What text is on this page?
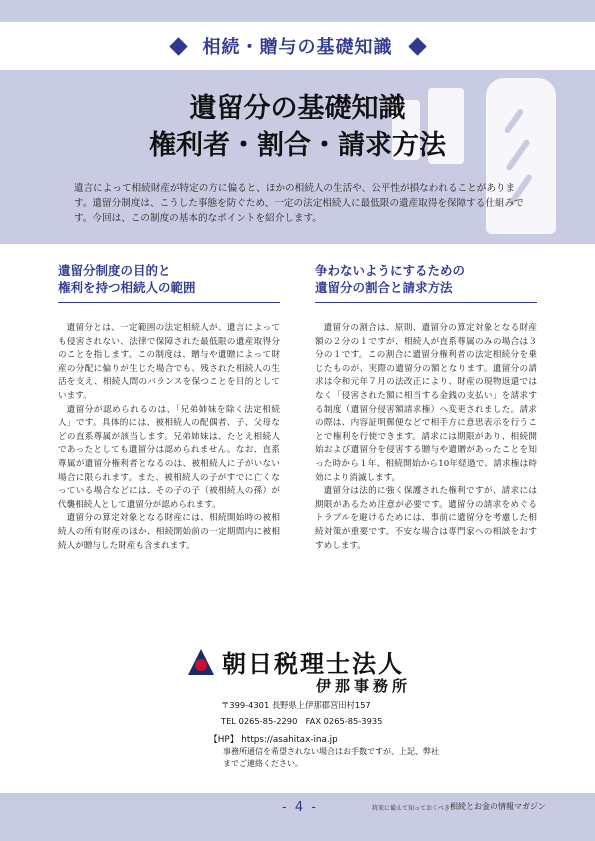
相続・贈与の基礎知識
遺留分の基礎知識
権利者・割合・請求方法

遺言によって相続財産が特定の方に偏ると、ほかの相続人の生活や、公平性が損なわれることがあります。遺留分制度は、こうした事態を防ぐため、一定の法定相続人に最低限の遺産取得を保障する仕組みです。今回は、この制度の基本的なポイントを紹介します。

遺留分制度の目的と
権利を持つ相続人の範囲

遺留分とは、一定範囲の法定相続人が、遺言によっても侵害されない、法律で保障された最低限の遺産取得分のことを指します。この制度は、贈与や遺贈によって財産の分配に偏りが生じた場合でも、残された相続人の生活を支え、相続人間のバランスを保つことを目的としています。

遺留分が認められるのは、「兄弟姉妹を除く法定相続人」です。具体的には、被相続人の配偶者、子、父母などの直系尊属が該当します。兄弟姉妹は、たとえ相続人であったとしても遺留分は認められません。なお、直系尊属が遺留分権利者となるのは、被相続人に子がいない場合に限られます。また、被相続人の子がすでに亡くなっている場合などには、その子の子（被相続人の孫）が代襲相続人として遺留分が認められます。

遺留分の算定対象となる財産には、相続開始時の被相続人の所有財産のほか、相続開始前の一定期間内に被相続人が贈与した財産も含まれます。

争わないようにするための
遺留分の割合と請求方法

遺留分の割合は、原則、遺留分の算定対象となる財産額の２分の１ですが、相続人が直系尊属のみの場合は３分の１です。この割合に遺留分権利者の法定相続分を乗じたものが、実際の遺留分の額となります。遺留分の請求は令和元年７月の法改正により、財産の現物返還ではなく「侵害された額に相当する金銭の支払い」を請求する制度（遺留分侵害額請求権）へ変更されました。請求の際は、内容証明郵便などで相手方に意思表示を行うことで権利を行使できます。請求には期限があり、相続開始および遺留分を侵害する贈与や遺贈があったことを知った時から１年、相続開始から10年経過で、請求権は時効により消滅します。

遺留分は法的に強く保護された権利ですが、請求には期限があるため注意が必要です。遺留分の請求をめぐるトラブルを避けるためには、事前に遺留分を考慮した相続対策が重要です。不安な場合は専門家への相談をおすすめします。

朝日税理士法人
伊那事務所
〒399-4301 長野県上伊那郡宮田村157
TEL 0265-85-2290　FAX 0265-85-3935
【HP】 https://asahitax-ina.jp
事務所通信を希望されない場合はお手数ですが、上記、弊社までご連絡ください。
- 4 -	将来に備えて知っておくべき！
相続とお金の情報マガジン
